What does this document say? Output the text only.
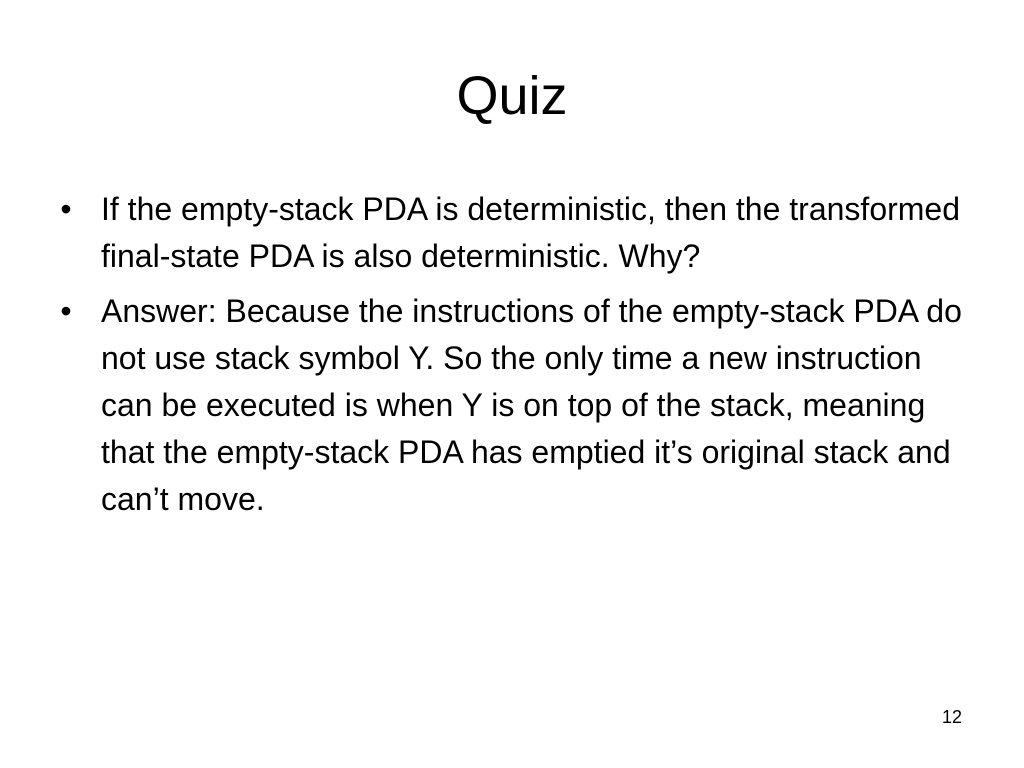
Quiz
• If the empty-stack PDA is deterministic, then the transformed final-state PDA is also deterministic. Why?
• Answer: Because the instructions of the empty-stack PDA do not use stack symbol Y. So the only time a new instruction can be executed is when Y is on top of the stack, meaning that the empty-stack PDA has emptied it’s original stack and can’t move.
12
